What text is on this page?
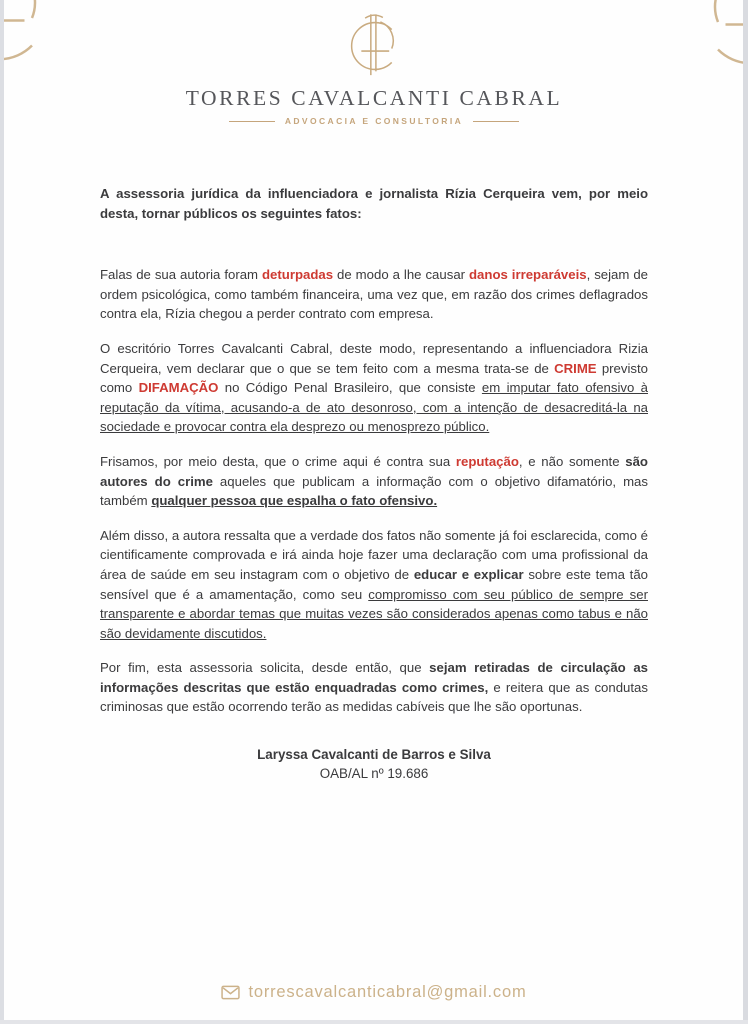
TORRES CAVALCANTI CABRAL
ADVOCACIA E CONSULTORIA

A assessoria jurídica da influenciadora e jornalista Rízia Cerqueira vem, por meio desta, tornar públicos os seguintes fatos:

Falas de sua autoria foram deturpadas de modo a lhe causar danos irreparáveis, sejam de ordem psicológica, como também financeira, uma vez que, em razão dos crimes deflagrados contra ela, Rízia chegou a perder contrato com empresa.

O escritório Torres Cavalcanti Cabral, deste modo, representando a influenciadora Rizia Cerqueira, vem declarar que o que se tem feito com a mesma trata-se de CRIME previsto como DIFAMAÇÃO no Código Penal Brasileiro, que consiste em imputar fato ofensivo à reputação da vítima, acusando-a de ato desonroso, com a intenção de desacreditá-la na sociedade e provocar contra ela desprezo ou menosprezo público.

Frisamos, por meio desta, que o crime aqui é contra sua reputação, e não somente são autores do crime aqueles que publicam a informação com o objetivo difamatório, mas também qualquer pessoa que espalha o fato ofensivo.

Além disso, a autora ressalta que a verdade dos fatos não somente já foi esclarecida, como é cientificamente comprovada e irá ainda hoje fazer uma declaração com uma profissional da área de saúde em seu instagram com o objetivo de educar e explicar sobre este tema tão sensível que é a amamentação, como seu compromisso com seu público de sempre ser transparente e abordar temas que muitas vezes são considerados apenas como tabus e não são devidamente discutidos.

Por fim, esta assessoria solicita, desde então, que sejam retiradas de circulação as informações descritas que estão enquadradas como crimes, e reitera que as condutas criminosas que estão ocorrendo terão as medidas cabíveis que lhe são oportunas.

Laryssa Cavalcanti de Barros e Silva
OAB/AL nº 19.686
torrescavalcanticabral@gmail.com
